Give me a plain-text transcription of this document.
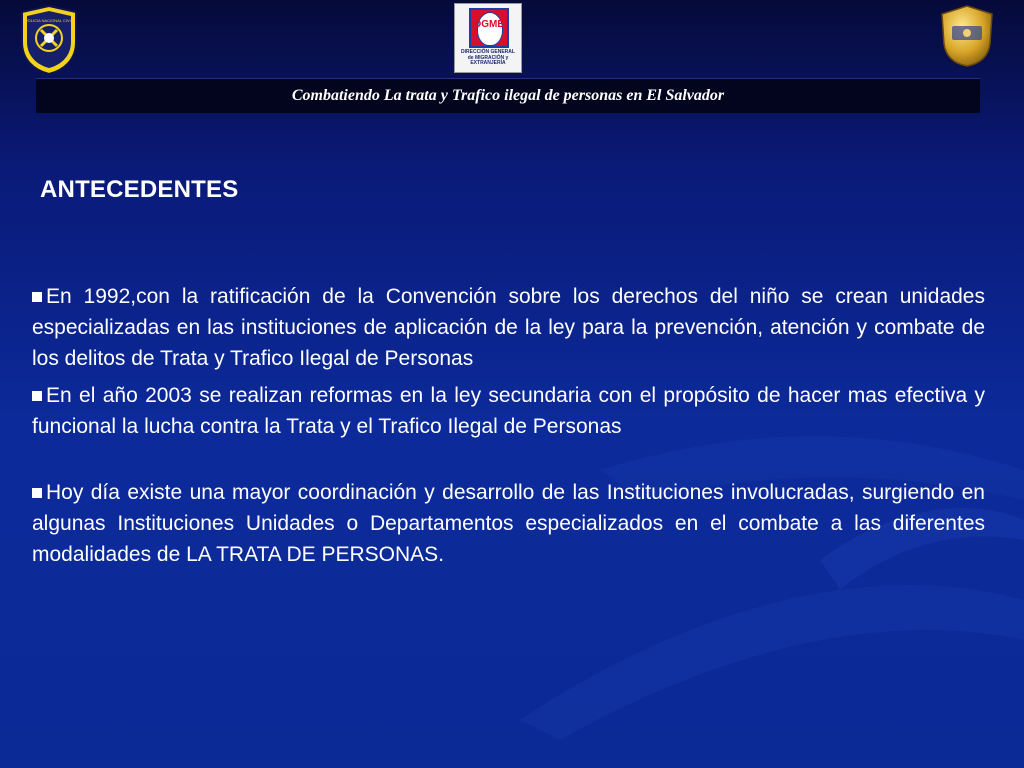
POLICIA NACIONAL CIVIL	DGME
DIRECCIÓN GENERAL
de MIGRACIÓN y
EXTRANJERÍA
Combatiendo La trata y Trafico ilegal de personas en El Salvador
ANTECEDENTES

En 1992,con la ratificación de la Convención sobre los derechos del niño se crean unidades especializadas en las instituciones de aplicación de la ley para la prevención, atención y combate de los delitos de Trata y Trafico Ilegal de Personas

En el año 2003 se realizan reformas en la ley secundaria con el propósito de hacer mas efectiva y funcional la lucha contra la Trata y el Trafico Ilegal de Personas

Hoy día existe una mayor coordinación y desarrollo de las Instituciones involucradas, surgiendo en algunas Instituciones Unidades o Departamentos especializados en el combate a las diferentes modalidades de LA TRATA DE PERSONAS.
